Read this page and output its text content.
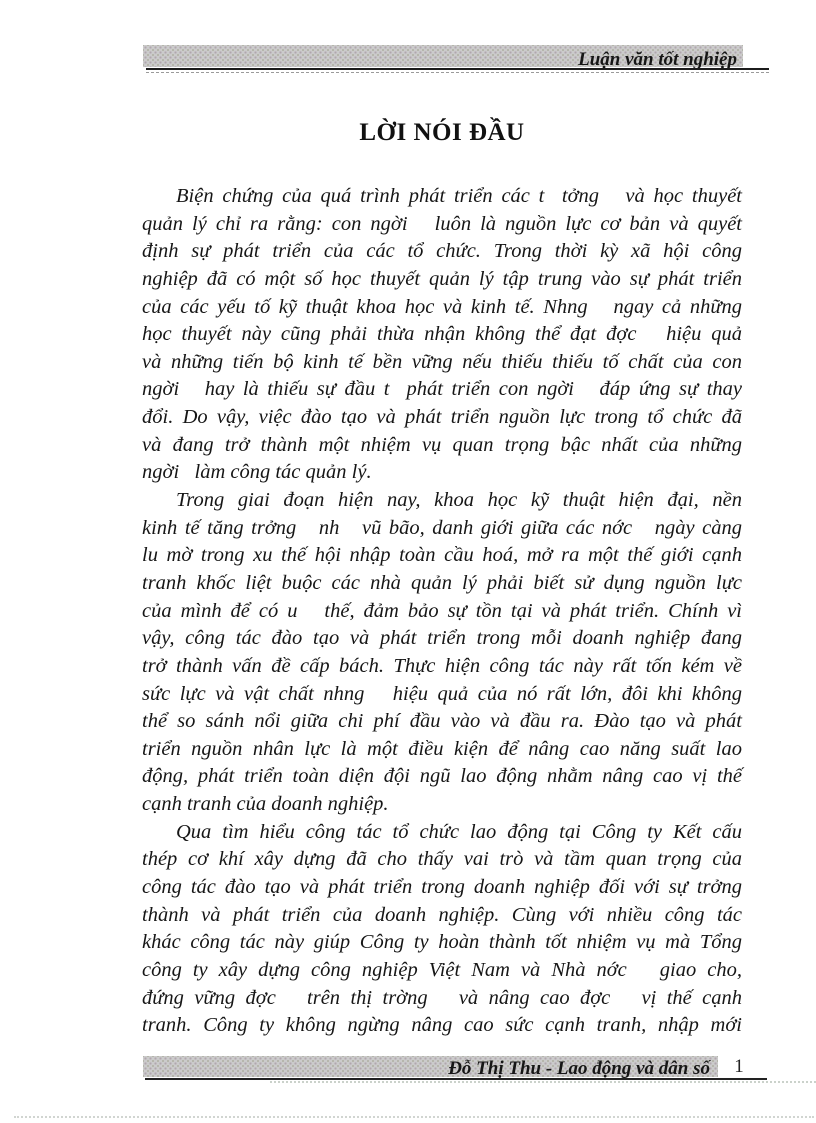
Luận văn tốt nghiệp
LỜI NÓI ĐẦU
Biện chứng của quá trình phát triển các t  tởng   và học thuyết
quản lý chỉ ra rằng: con ngời   luôn là nguồn lực cơ bản và quyết
định sự phát triển của các tổ chức. Trong thời kỳ xã hội công
nghiệp đã có một số học thuyết quản lý tập trung vào sự phát triển
của các yếu tố kỹ thuật khoa học và kinh tế. Nhng   ngay cả những
học thuyết này cũng phải thừa nhận không thể đạt đợc   hiệu quả
và những tiến bộ kinh tế bền vững nếu thiếu thiếu tố chất của con
ngời   hay là thiếu sự đầu t  phát triển con ngời   đáp ứng sự thay
đổi. Do vậy, việc đào tạo và phát triển nguồn lực trong tổ chức đã
và đang trở thành một nhiệm vụ quan trọng bậc nhất của những
ngời   làm công tác quản lý.
Trong giai đoạn hiện nay, khoa học kỹ thuật hiện đại, nền
kinh tế tăng trởng   nh   vũ bão, danh giới giữa các nớc   ngày càng
lu mờ trong xu thế hội nhập toàn cầu hoá, mở ra một thế giới cạnh
tranh khốc liệt buộc các nhà quản lý phải biết sử dụng nguồn lực
của mình để có u   thế, đảm bảo sự tồn tại và phát triển. Chính vì
vậy, công tác đào tạo và phát triển trong mỗi doanh nghiệp đang
trở thành vấn đề cấp bách. Thực hiện công tác này rất tốn kém về
sức lực và vật chất nhng   hiệu quả của nó rất lớn, đôi khi không
thể so sánh nổi giữa chi phí đầu vào và đầu ra. Đào tạo và phát
triển nguồn nhân lực là một điều kiện để nâng cao năng suất lao
động, phát triển toàn diện đội ngũ lao động nhằm nâng cao vị thế
cạnh tranh của doanh nghiệp.
Qua tìm hiểu công tác tổ chức lao động tại Công ty Kết cấu
thép cơ khí xây dựng đã cho thấy vai trò và tầm quan trọng của
công tác đào tạo và phát triển trong doanh nghiệp đối với sự trởng
thành và phát triển của doanh nghiệp. Cùng với nhiều công tác
khác công tác này giúp Công ty hoàn thành tốt nhiệm vụ mà Tổng
công ty xây dựng công nghiệp Việt Nam và Nhà nớc   giao cho,
đứng vững đợc   trên thị trờng   và nâng cao đợc   vị thế cạnh
tranh. Công ty không ngừng nâng cao sức cạnh tranh, nhập mới
Đỗ Thị Thu - Lao động và dân số	1
